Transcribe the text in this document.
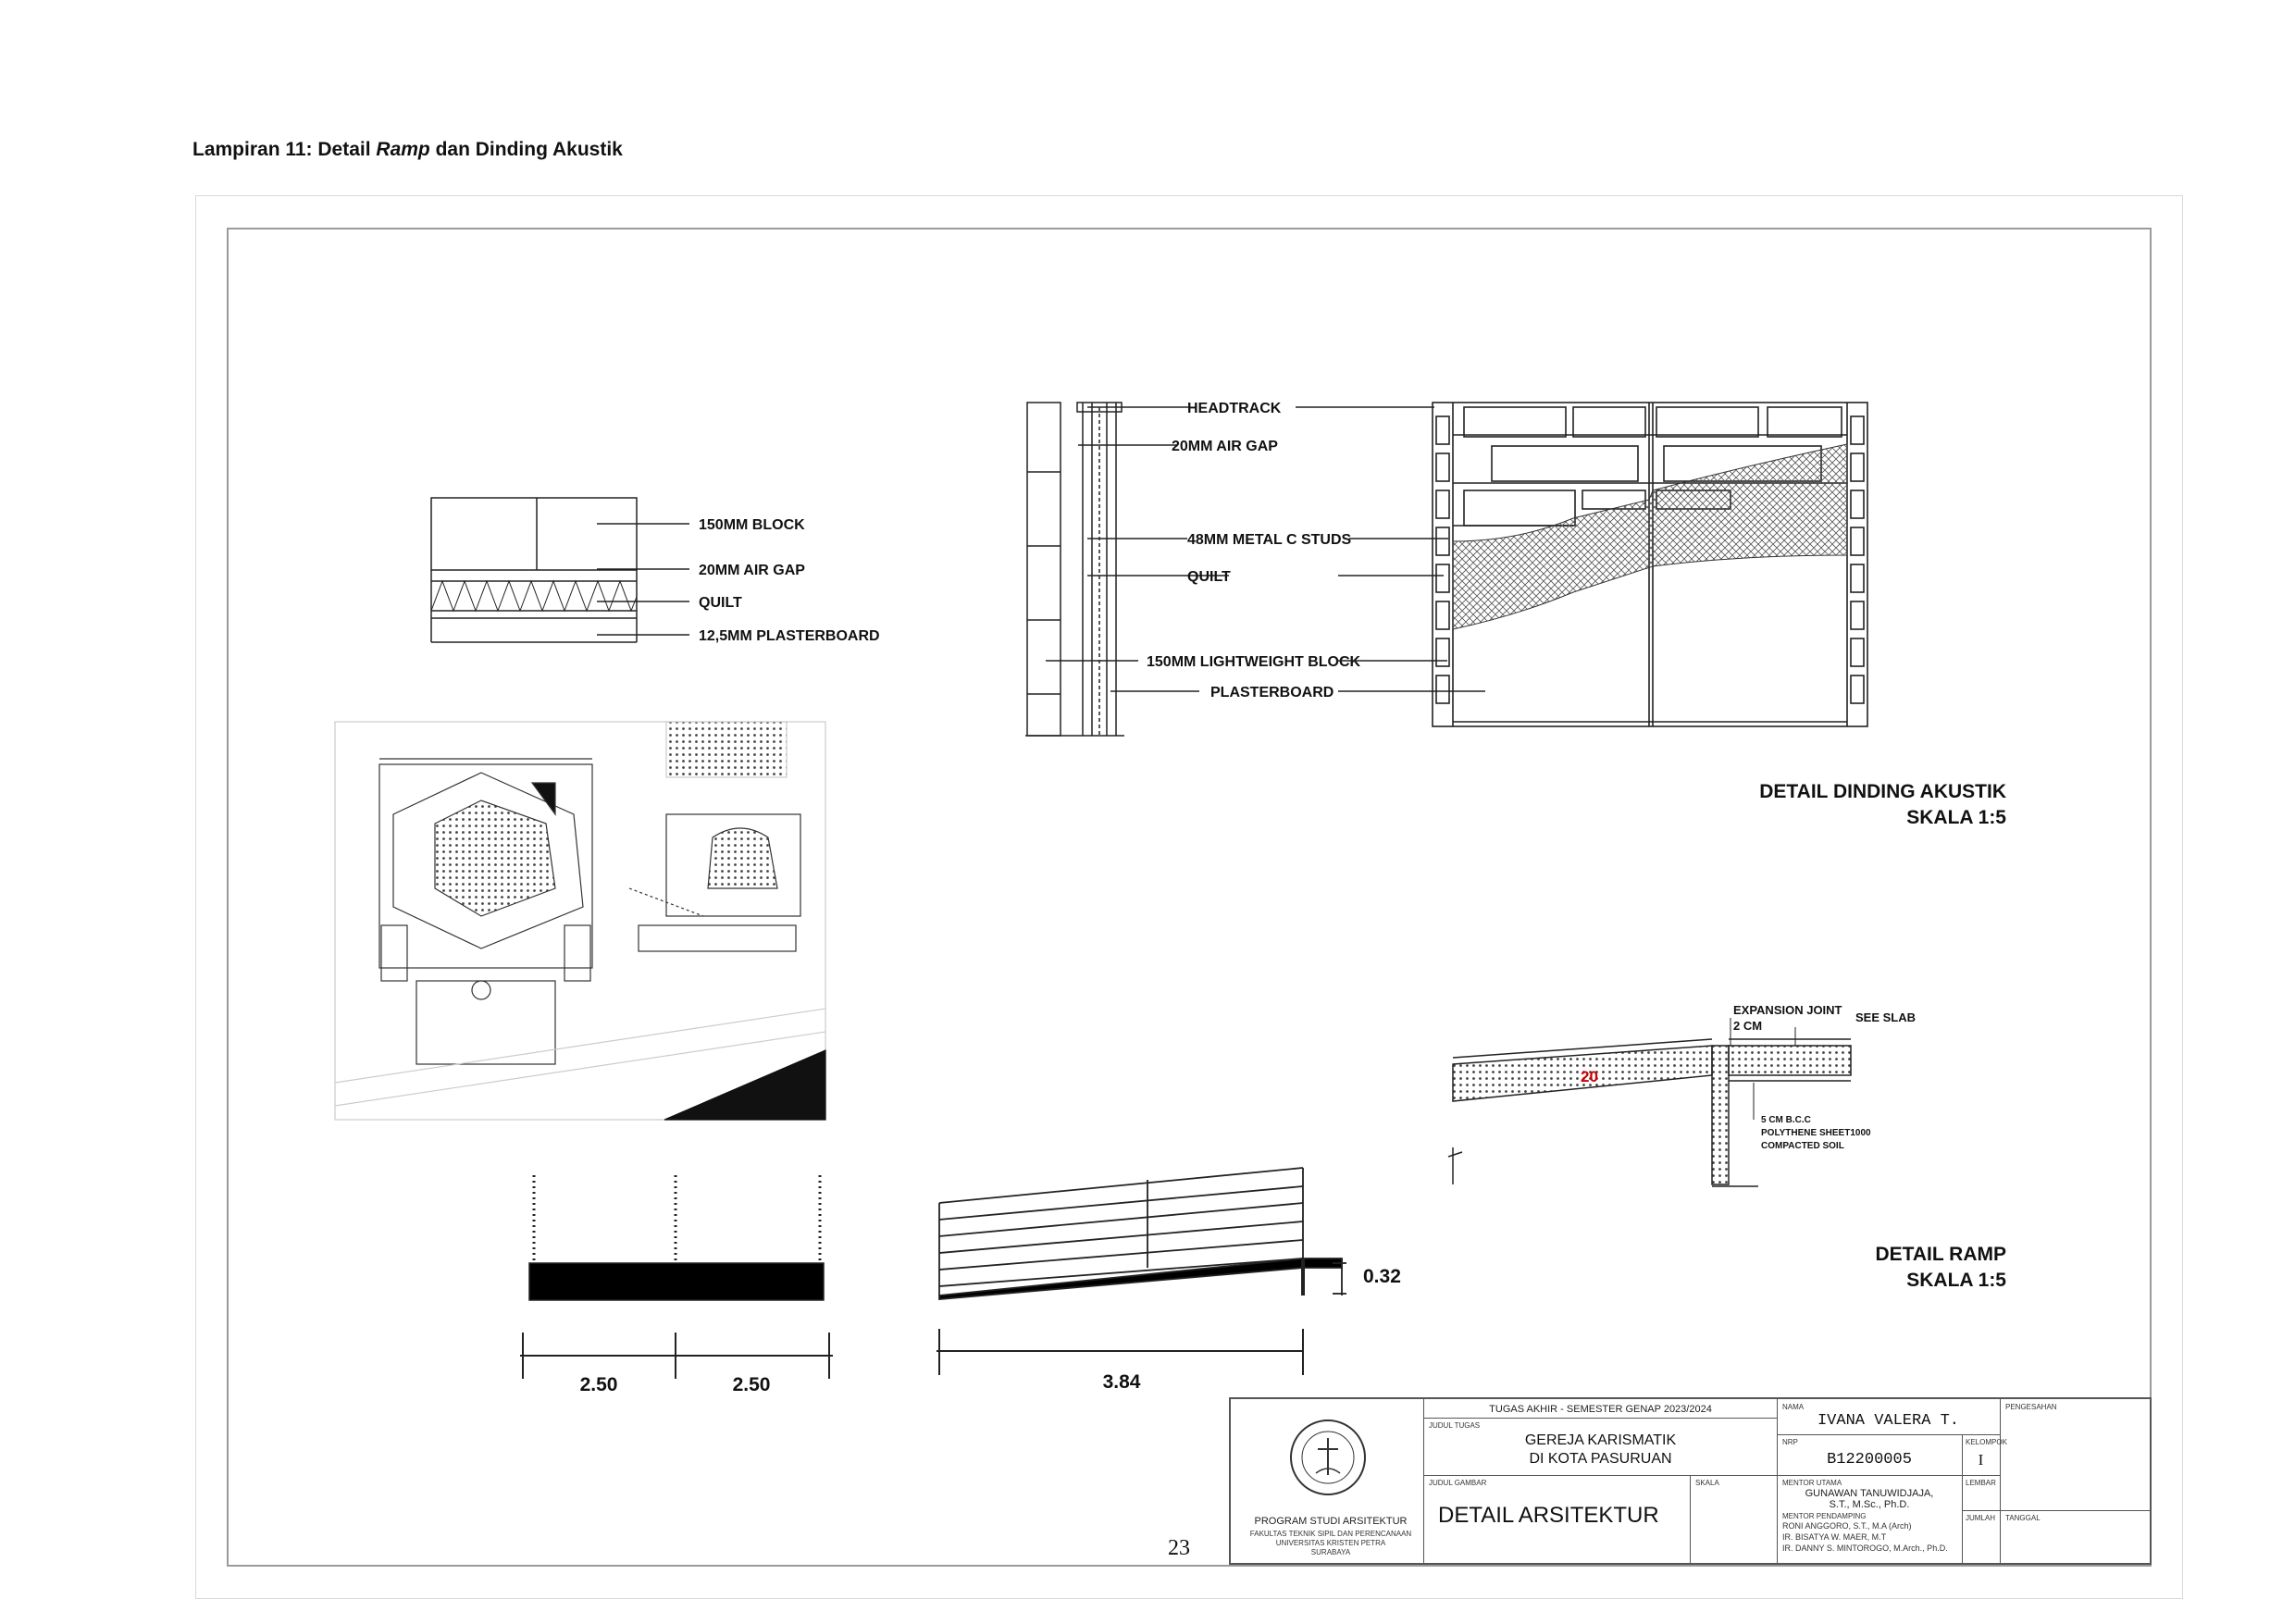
Lampiran 11: Detail Ramp dan Dinding Akustik
150MM BLOCK
20MM AIR GAP
QUILT
12,5MM PLASTERBOARD
HEADTRACK
20MM AIR GAP
48MM METAL C STUDS
QUILT
150MM LIGHTWEIGHT BLOCK
PLASTERBOARD
DETAIL DINDING AKUSTIK
SKALA 1:5
2.50	2.50
0.32
3.84
20
EXPANSION JOINT
2 CM
SEE SLAB
5 CM B.C.C
POLYTHENE SHEET1000
COMPACTED SOIL
DETAIL RAMP
SKALA 1:5
PROGRAM STUDI ARSITEKTUR
FAKULTAS TEKNIK SIPIL DAN PERENCANAAN
UNIVERSITAS KRISTEN PETRA
SURABAYA
TUGAS AKHIR - SEMESTER GENAP 2023/2024
JUDUL TUGAS
GEREJA KARISMATIK
DI KOTA PASURUAN
JUDUL GAMBAR
DETAIL ARSITEKTUR
SKALA
NAMA
IVANA VALERA T.
NRP
B12200005
KELOMPOK
I
MENTOR UTAMA
GUNAWAN TANUWIDJAJA,
S.T., M.Sc., Ph.D.
MENTOR PENDAMPING
RONI ANGGORO, S.T., M.A (Arch)
IR. BISATYA W. MAER, M.T
IR. DANNY S. MINTOROGO, M.Arch., Ph.D.
LEMBAR
JUMLAH
PENGESAHAN
TANGGAL
23
